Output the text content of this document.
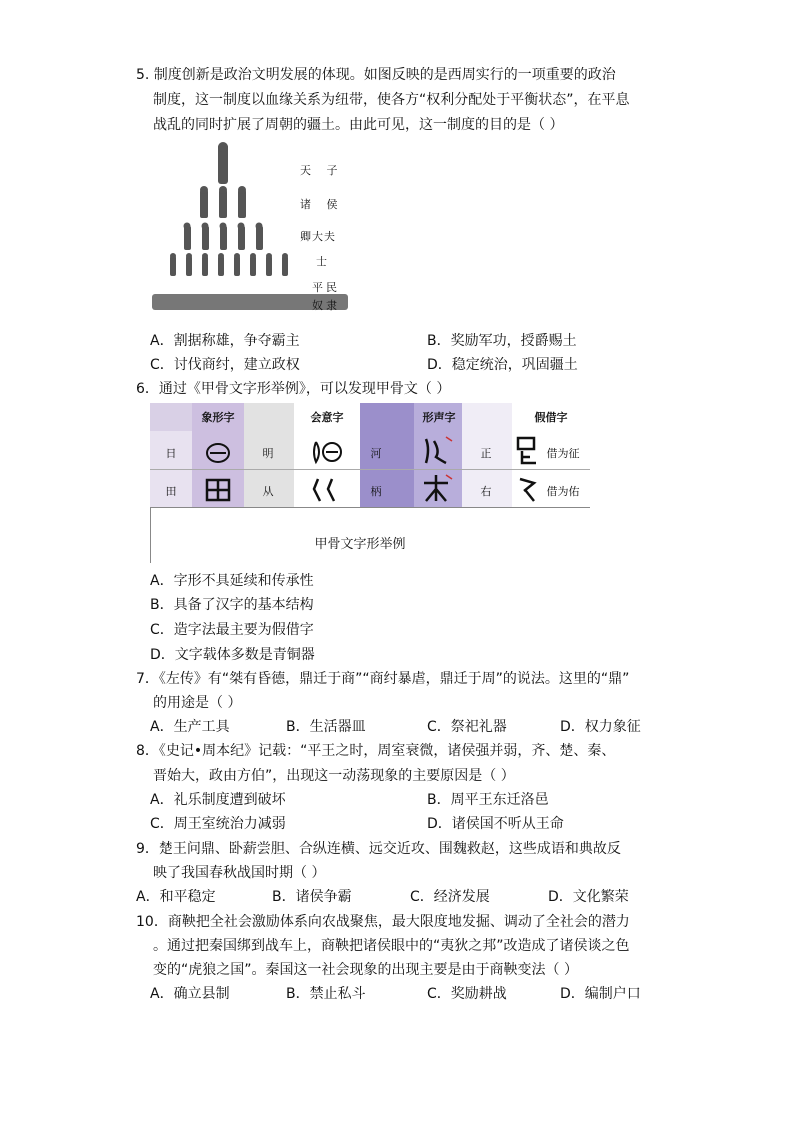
5. 制度创新是政治文明发展的体现。如图反映的是西周实行的一项重要的政治
制度，这一制度以血缘关系为纽带，使各方“权利分配处于平衡状态”，在平息
战乱的同时扩展了周朝的疆土。由此可见，这一制度的目的是（ ）
天 子
诸 侯
卿大夫
士
平民
奴隶
A．割据称雄，争夺霸主	B．奖励军功，授爵赐土
C．讨伐商纣，建立政权	D．稳定统治，巩固疆土
6．通过《甲骨文字形举例》，可以发现甲骨文（ ）
象形字	会意字	形声字	假借字
日	明	河	正	借为征
田	从	柄	右	借为佑
甲骨文字形举例
A．字形不具延续和传承性
B．具备了汉字的基本结构
C．造字法最主要为假借字
D．文字载体多数是青铜器
7．《左传》有“桀有昏德，鼎迁于商”“商纣暴虐，鼎迁于周”的说法。这里的“鼎”
的用途是（ ）
A．生产工具	B．生活器皿	C．祭祀礼器	D．权力象征
8．《史记•周本纪》记载：“平王之时，周室衰微，诸侯强并弱，齐、楚、秦、
晋始大，政由方伯”，出现这一动荡现象的主要原因是（ ）
A．礼乐制度遭到破坏	B．周平王东迁洛邑
C．周王室统治力减弱	D．诸侯国不听从王命
9．楚王问鼎、卧薪尝胆、合纵连横、远交近攻、围魏救赵，这些成语和典故反
映了我国春秋战国时期（ ）
A．和平稳定	B．诸侯争霸	C．经济发展	D．文化繁荣
10．商鞅把全社会激励体系向农战聚焦，最大限度地发掘、调动了全社会的潜力
。通过把秦国绑到战车上，商鞅把诸侯眼中的“夷狄之邦”改造成了诸侯谈之色
变的“虎狼之国”。秦国这一社会现象的出现主要是由于商鞅变法（ ）
A．确立县制	B．禁止私斗	C．奖励耕战	D．编制户口
